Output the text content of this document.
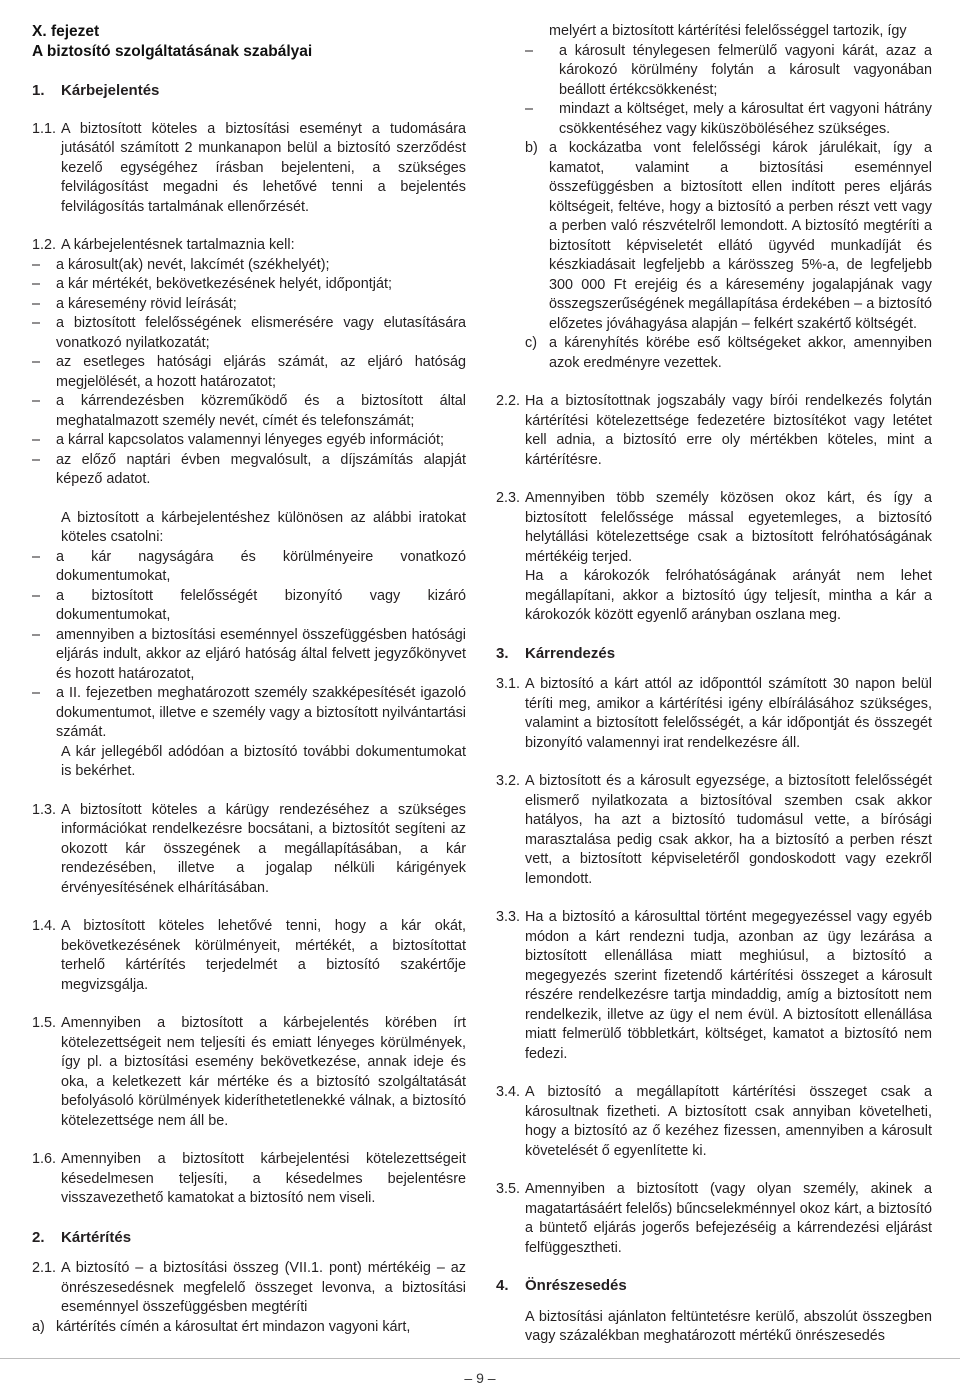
X. fejezet
A biztosító szolgáltatásának szabályai
1. Kárbejelentés
1.1. A biztosított köteles a biztosítási eseményt a tudomására jutásától számított 2 munkanapon belül a biztosító szerződést kezelő egységéhez írásban bejelenteni, a szükséges felvilágosítást megadni és lehetővé tenni a bejelentés felvilágosítás tartalmának ellenőrzését.

1.2. A kárbejelentésnek tartalmaznia kell:

–	a károsult(ak) nevét, lakcímét (székhelyét);
–	a kár mértékét, bekövetkezésének helyét, időpontját;
–	a káresemény rövid leírását;
–	a biztosított felelősségének elismerésére vagy elutasítására vonatkozó nyilatkozatát;
–	az esetleges hatósági eljárás számát, az eljáró hatóság megjelölését, a hozott határozatot;
–	a kárrendezésben közreműködő és a biztosított által meghatalmazott személy nevét, címét és telefonszámát;
–	a kárral kapcsolatos valamennyi lényeges egyéb információt;
–	az előző naptári évben megvalósult, a díjszámítás alapját képező adatot.

A biztosított a kárbejelentéshez különösen az alábbi iratokat köteles csatolni:

–	a kár nagyságára és körülményeire vonatkozó dokumentumokat,
–	a biztosított felelősségét bizonyító vagy kizáró dokumentumokat,
–	amennyiben a biztosítási eseménnyel összefüggésben hatósági eljárás indult, akkor az eljáró hatóság által felvett jegyzőkönyvet és hozott határozatot,
–	a II. fejezetben meghatározott személy szakképesítését igazoló dokumentumot, illetve e személy vagy a biztosított nyilvántartási számát.

A kár jellegéből adódóan a biztosító további dokumentumokat is bekérhet.

1.3. A biztosított köteles a kárügy rendezéséhez a szükséges információkat rendelkezésre bocsátani, a biztosítót segíteni az okozott kár összegének a megállapításában, a kár rendezésében, illetve a jogalap nélküli kárigények érvényesítésének elhárításában.

1.4. A biztosított köteles lehetővé tenni, hogy a kár okát, bekövetkezésének körülményeit, mértékét, a biztosítottat terhelő kártérítés terjedelmét a biztosító szakértője megvizsgálja.

1.5. Amennyiben a biztosított a kárbejelentés körében írt kötelezettségeit nem teljesíti és emiatt lényeges körülmények, így pl. a biztosítási esemény bekövetkezése, annak ideje és oka, a keletkezett kár mértéke és a biztosító szolgáltatását befolyásoló körülmények kideríthetetlenekké válnak, a biztosító kötelezettsége nem áll be.

1.6. Amennyiben a biztosított kárbejelentési kötelezettségeit késedelmesen teljesíti, a késedelmes bejelentésre visszavezethető kamatokat a biztosító nem viseli.

2. Kártérítés
2.1. A biztosító – a biztosítási összeg (VII.1. pont) mértékéig – az önrészesedésnek megfelelő összeget levonva, a biztosítási eseménnyel összefüggésben megtéríti

a) kártérítés címén a károsultat ért mindazon vagyoni kárt,

melyért a biztosított kártérítési felelősséggel tartozik, így

–	a károsult ténylegesen felmerülő vagyoni kárát, azaz a károkozó körülmény folytán a károsult vagyonában beállott értékcsökkenést;
–	mindazt a költséget, mely a károsultat ért vagyoni hátrány csökkentéséhez vagy kiküszöböléséhez szükséges.
b) a kockázatba vont felelősségi károk járulékait, így a kamatot, valamint a biztosítási eseménnyel összefüggésben a biztosított ellen indított peres eljárás költségeit, feltéve, hogy a biztosító a perben részt vett vagy a perben való részvételről lemondott. A biztosító megtéríti a biztosított képviseletét ellátó ügyvéd munkadíját és készkiadásait legfeljebb a kárösszeg 5%-a, de legfeljebb 300 000 Ft erejéig és a káresemény jogalapjának vagy összegszerűségének megállapítása érdekében – a biztosító előzetes jóváhagyása alapján – felkért szakértő költségét.
c) a kárenyhítés körébe eső költségeket akkor, amennyiben azok eredményre vezettek.
2.2. Ha a biztosítottnak jogszabály vagy bírói rendelkezés folytán kártérítési kötelezettsége fedezetére biztosítékot vagy letétet kell adnia, a biztosító erre oly mértékben köteles, mint a kártérítésre.

2.3. Amennyiben több személy közösen okoz kárt, és így a biztosított felelőssége mással egyetemleges, a biztosító helytállási kötelezettsége csak a biztosított felróhatóságának mértékéig terjed.

Ha a károkozók felróhatóságának arányát nem lehet megállapítani, akkor a biztosító úgy teljesít, mintha a kár a károkozók között egyenlő arányban oszlana meg.

3. Kárrendezés
3.1. A biztosító a kárt attól az időponttól számított 30 napon belül téríti meg, amikor a kártérítési igény elbírálásához szükséges, valamint a biztosított felelősségét, a kár időpontját és összegét bizonyító valamennyi irat rendelkezésre áll.

3.2. A biztosított és a károsult egyezsége, a biztosított felelősségét elismerő nyilatkozata a biztosítóval szemben csak akkor hatályos, ha azt a biztosító tudomásul vette, a bírósági marasztalása pedig csak akkor, ha a biztosító a perben részt vett, a biztosított képviseletéről gondoskodott vagy ezekről lemondott.

3.3. Ha a biztosító a károsulttal történt megegyezéssel vagy egyéb módon a kárt rendezni tudja, azonban az ügy lezárása a biztosított ellenállása miatt meghiúsul, a biztosító a megegyezés szerint fizetendő kártérítési összeget a károsult részére rendelkezésre tartja mindaddig, amíg a biztosított nem rendelkezik, illetve az ügy el nem évül. A biztosított ellenállása miatt felmerülő többletkárt, költséget, kamatot a biztosító nem fedezi.

3.4. A biztosító a megállapított kártérítési összeget csak a károsultnak fizetheti. A biztosított csak annyiban követelheti, hogy a biztosító az ő kezéhez fizessen, amennyiben a károsult követelését ő egyenlítette ki.

3.5. Amennyiben a biztosított (vagy olyan személy, akinek a magatartásáért felelős) bűncselekménnyel okoz kárt, a biztosító a büntető eljárás jogerős befejezéséig a kárrendezési eljárást felfüggesztheti.

4. Önrészesedés

A biztosítási ajánlaton feltüntetésre kerülő, abszolút összegben vagy százalékban meghatározott mértékű önrészesedés

– 9 –
